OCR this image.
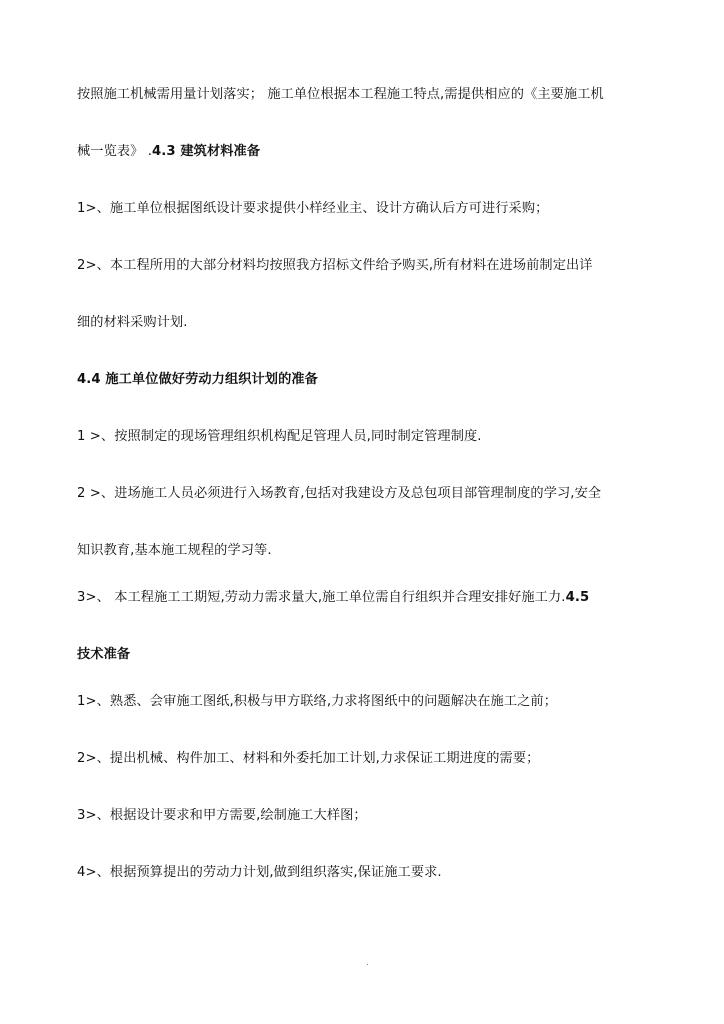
按照施工机械需用量计划落实； 施工单位根据本工程施工特点,需提供相应的《主要施工机
械一览表》 .4.3 建筑材料准备
1>、施工单位根据图纸设计要求提供小样经业主、设计方确认后方可进行采购；
2>、本工程所用的大部分材料均按照我方招标文件给予购买,所有材料在进场前制定出详
细的材料采购计划.
4.4 施工单位做好劳动力组织计划的准备
1 >、按照制定的现场管理组织机构配足管理人员,同时制定管理制度.
2 >、进场施工人员必须进行入场教育,包括对我建设方及总包项目部管理制度的学习,安全
知识教育,基本施工规程的学习等.
3>、 本工程施工工期短,劳动力需求量大,施工单位需自行组织并合理安排好施工力.4.5
技术准备
1>、熟悉、会审施工图纸,积极与甲方联络,力求将图纸中的问题解决在施工之前；
2>、提出机械、构件加工、材料和外委托加工计划,力求保证工期进度的需要；
3>、根据设计要求和甲方需要,绘制施工大样图；
4>、根据预算提出的劳动力计划,做到组织落实,保证施工要求.
.
